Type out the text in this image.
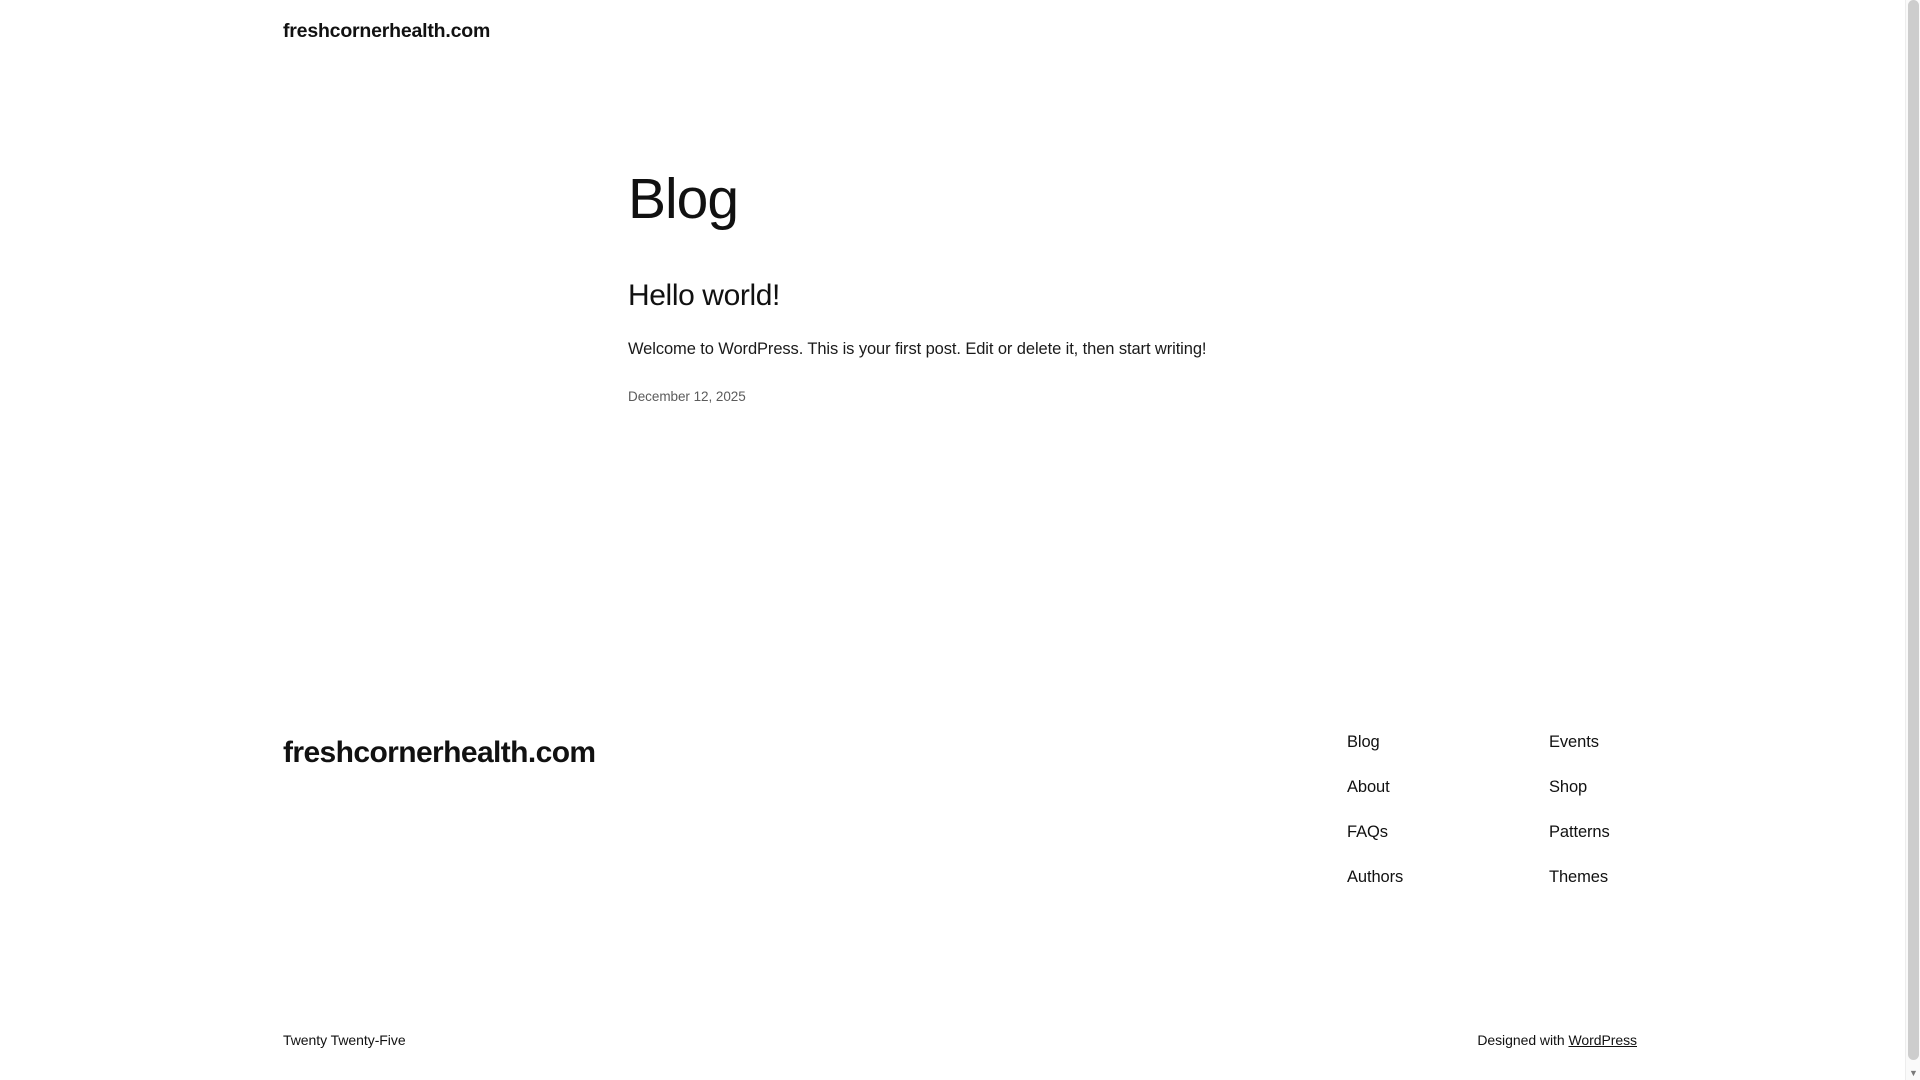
freshcornerhealth.com
Blog
Hello world!

Welcome to WordPress. This is your first post. Edit or delete it, then start writing!

December 12, 2025

freshcornerhealth.com	Blog
About
FAQs
Authors
Events
Shop
Patterns
Themes
Twenty Twenty-Five	Designed with WordPress
▼
